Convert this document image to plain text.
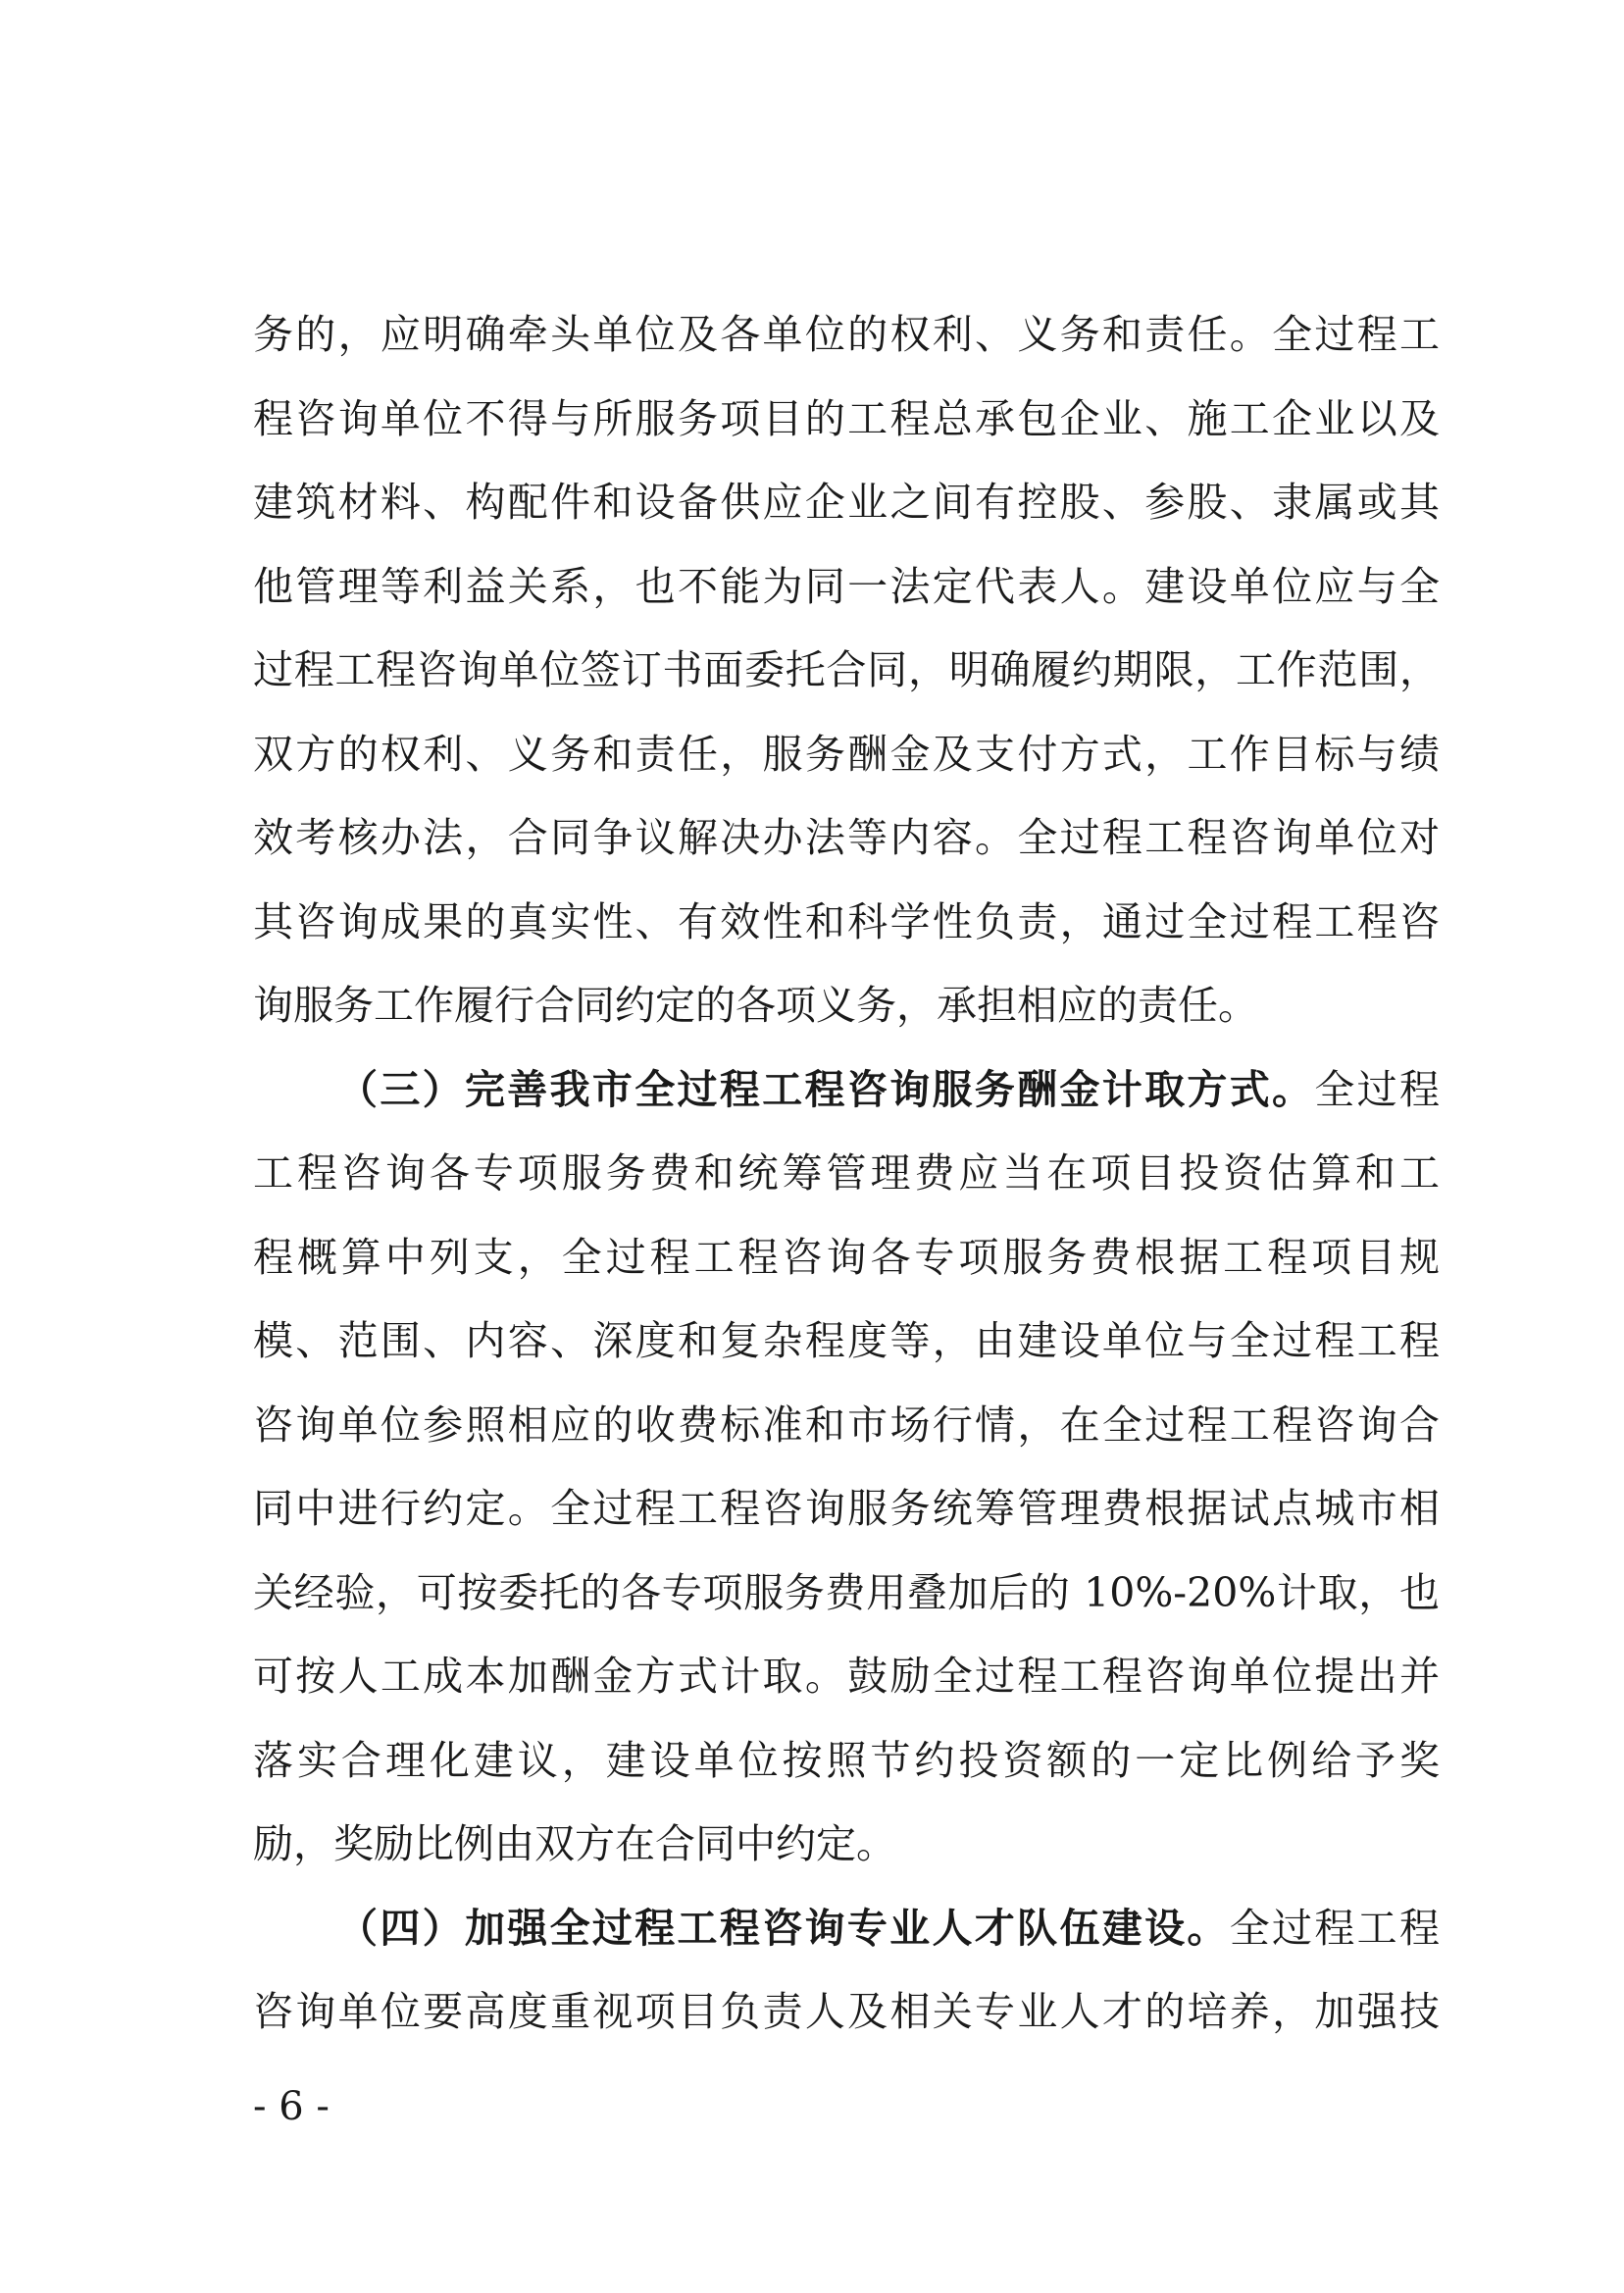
务的，应明确牵头单位及各单位的权利、义务和责任。全过程工
程咨询单位不得与所服务项目的工程总承包企业、施工企业以及
建筑材料、构配件和设备供应企业之间有控股、参股、隶属或其
他管理等利益关系，也不能为同一法定代表人。建设单位应与全
过程工程咨询单位签订书面委托合同，明确履约期限，工作范围，
双方的权利、义务和责任，服务酬金及支付方式，工作目标与绩
效考核办法，合同争议解决办法等内容。全过程工程咨询单位对
其咨询成果的真实性、有效性和科学性负责，通过全过程工程咨
询服务工作履行合同约定的各项义务，承担相应的责任。
（三）完善我市全过程工程咨询服务酬金计取方式。全过程
工程咨询各专项服务费和统筹管理费应当在项目投资估算和工
程概算中列支，全过程工程咨询各专项服务费根据工程项目规
模、范围、内容、深度和复杂程度等，由建设单位与全过程工程
咨询单位参照相应的收费标准和市场行情，在全过程工程咨询合
同中进行约定。全过程工程咨询服务统筹管理费根据试点城市相
关经验，可按委托的各专项服务费用叠加后的 10%-20%计取，也
可按人工成本加酬金方式计取。鼓励全过程工程咨询单位提出并
落实合理化建议，建设单位按照节约投资额的一定比例给予奖
励，奖励比例由双方在合同中约定。
（四）加强全过程工程咨询专业人才队伍建设。全过程工程
咨询单位要高度重视项目负责人及相关专业人才的培养，加强技
- 6 -
